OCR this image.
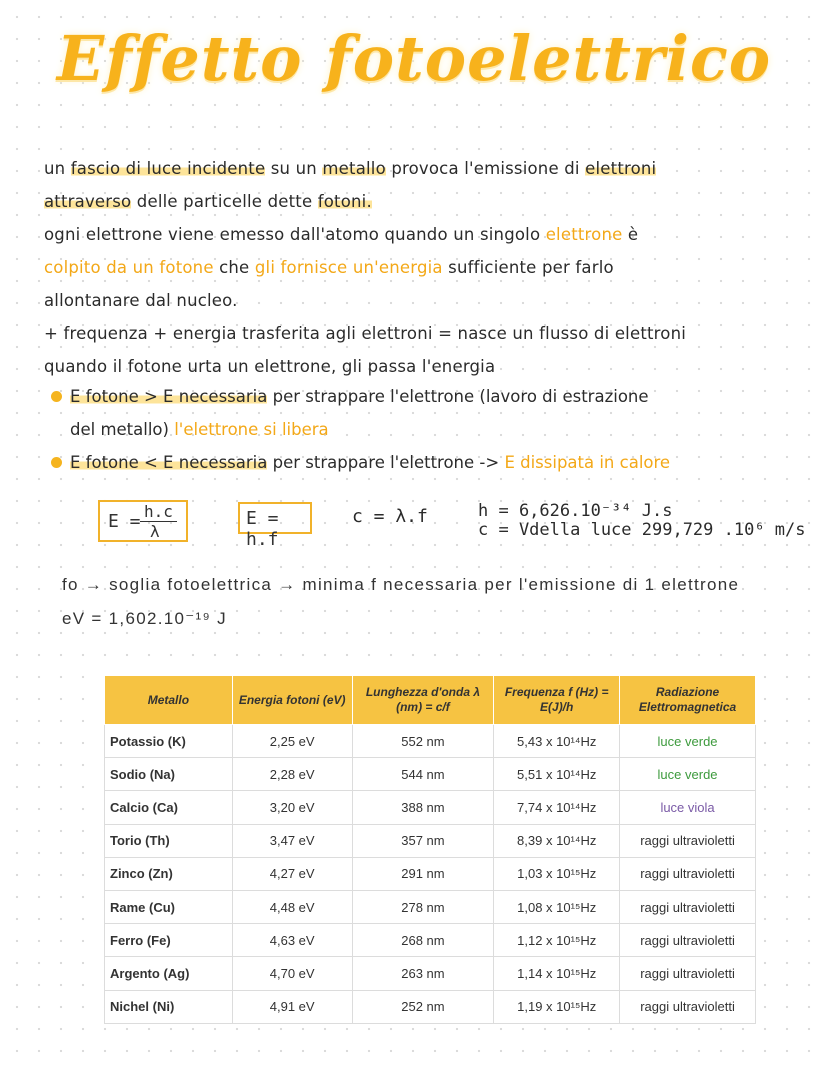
Effetto fotoelettrico
un fascio di luce incidente su un metallo provoca l'emissione di elettroni
attraverso delle particelle dette fotoni.
ogni elettrone viene emesso dall'atomo quando un singolo elettrone è
colpito da un fotone che gli fornisce un'energia sufficiente per farlo
allontanare dal nucleo.
+ frequenza + energia trasferita agli elettroni = nasce un flusso di elettroni
quando il fotone urta un elettrone, gli passa l'energia
E fotone > E necessaria per strappare l'elettrone (lavoro di estrazione
del metallo) l'elettrone si libera
E fotone < E necessaria per strappare l'elettrone -> E dissipata in calore
E = h.c
λ
E = h.f
c = λ.f	h = 6,626.10⁻³⁴ J.s
c = Vdella luce 299,729 .10⁶ m/s
fo → soglia fotoelettrica → minima f necessaria per l'emissione di 1 elettrone
eV = 1,602.10⁻¹⁹ J
Metallo	Energia fotoni (eV)	Lunghezza d'onda λ (nm) = c/f	Frequenza f (Hz) = E(J)/h	Radiazione Elettromagnetica
Potassio (K)	2,25 eV	552 nm	5,43 x 10¹⁴Hz	luce verde
Sodio (Na)	2,28 eV	544 nm	5,51 x 10¹⁴Hz	luce verde
Calcio (Ca)	3,20 eV	388 nm	7,74 x 10¹⁴Hz	luce viola
Torio (Th)	3,47 eV	357 nm	8,39 x 10¹⁴Hz	raggi ultravioletti
Zinco (Zn)	4,27 eV	291 nm	1,03 x 10¹⁵Hz	raggi ultravioletti
Rame (Cu)	4,48 eV	278 nm	1,08 x 10¹⁵Hz	raggi ultravioletti
Ferro (Fe)	4,63 eV	268 nm	1,12 x 10¹⁵Hz	raggi ultravioletti
Argento (Ag)	4,70 eV	263 nm	1,14 x 10¹⁵Hz	raggi ultravioletti
Nichel (Ni)	4,91 eV	252 nm	1,19 x 10¹⁵Hz	raggi ultravioletti
